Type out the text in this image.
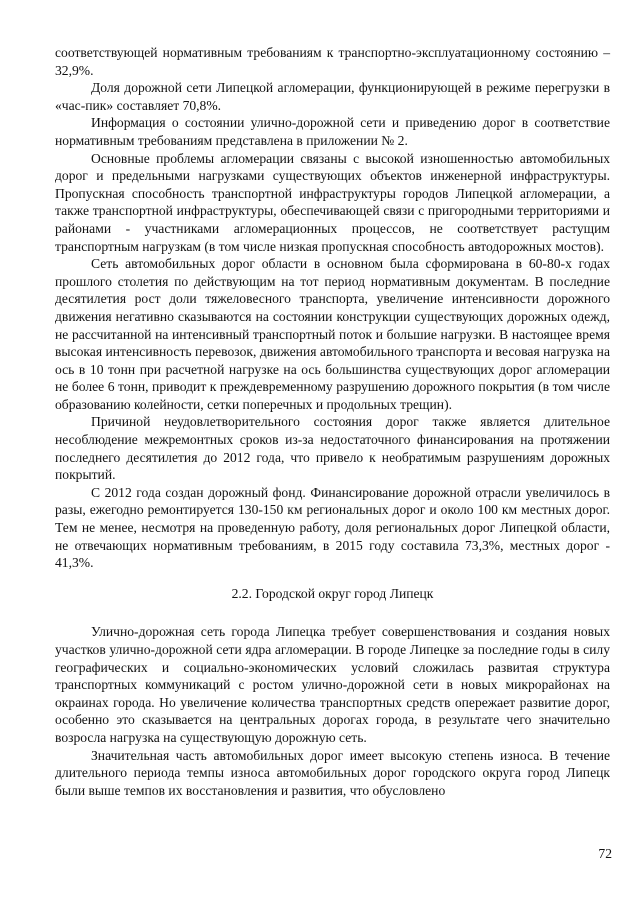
соответствующей нормативным требованиям к транспортно-эксплуатационному состоянию – 32,9%.

Доля дорожной сети Липецкой агломерации, функционирующей в режиме перегрузки в «час-пик» составляет 70,8%.

Информация о состоянии улично-дорожной сети и приведению дорог в соответствие нормативным требованиям представлена в приложении № 2.

Основные проблемы агломерации связаны с высокой изношенностью автомобильных дорог и предельными нагрузками существующих объектов инженерной инфраструктуры. Пропускная способность транспортной инфраструктуры городов Липецкой агломерации, а также транспортной инфраструктуры, обеспечивающей связи с пригородными территориями и районами - участниками агломерационных процессов, не соответствует растущим транспортным нагрузкам (в том числе низкая пропускная способность автодорожных мостов).

Сеть автомобильных дорог области в основном была сформирована в 60-80-х годах прошлого столетия по действующим на тот период нормативным документам. В последние десятилетия рост доли тяжеловесного транспорта, увеличение интенсивности дорожного движения негативно сказываются на состоянии конструкции существующих дорожных одежд, не рассчитанной на интенсивный транспортный поток и большие нагрузки. В настоящее время высокая интенсивность перевозок, движения автомобильного транспорта и весовая нагрузка на ось в 10 тонн при расчетной нагрузке на ось большинства существующих дорог агломерации не более 6 тонн, приводит к преждевременному разрушению дорожного покрытия (в том числе образованию колейности, сетки поперечных и продольных трещин).

Причиной неудовлетворительного состояния дорог также является длительное несоблюдение межремонтных сроков из-за недостаточного финансирования на протяжении последнего десятилетия до 2012 года, что привело к необратимым разрушениям дорожных покрытий.

С 2012 года создан дорожный фонд. Финансирование дорожной отрасли увеличилось в разы, ежегодно ремонтируется 130-150 км региональных дорог и около 100 км местных дорог. Тем не менее, несмотря на проведенную работу, доля региональных дорог Липецкой области, не отвечающих нормативным требованиям, в 2015 году составила 73,3%, местных дорог - 41,3%.

2.2. Городской округ город Липецк

Улично-дорожная сеть города Липецка требует совершенствования и создания новых участков улично-дорожной сети ядра агломерации. В городе Липецке за последние годы в силу географических и социально-экономических условий сложилась развитая структура транспортных коммуникаций с ростом улично-дорожной сети в новых микрорайонах на окраинах города. Но увеличение количества транспортных средств опережает развитие дорог, особенно это сказывается на центральных дорогах города, в результате чего значительно возросла нагрузка на существующую дорожную сеть.

Значительная часть автомобильных дорог имеет высокую степень износа. В течение длительного периода темпы износа автомобильных дорог городского округа город Липецк были выше темпов их восстановления и развития, что обусловлено

72
